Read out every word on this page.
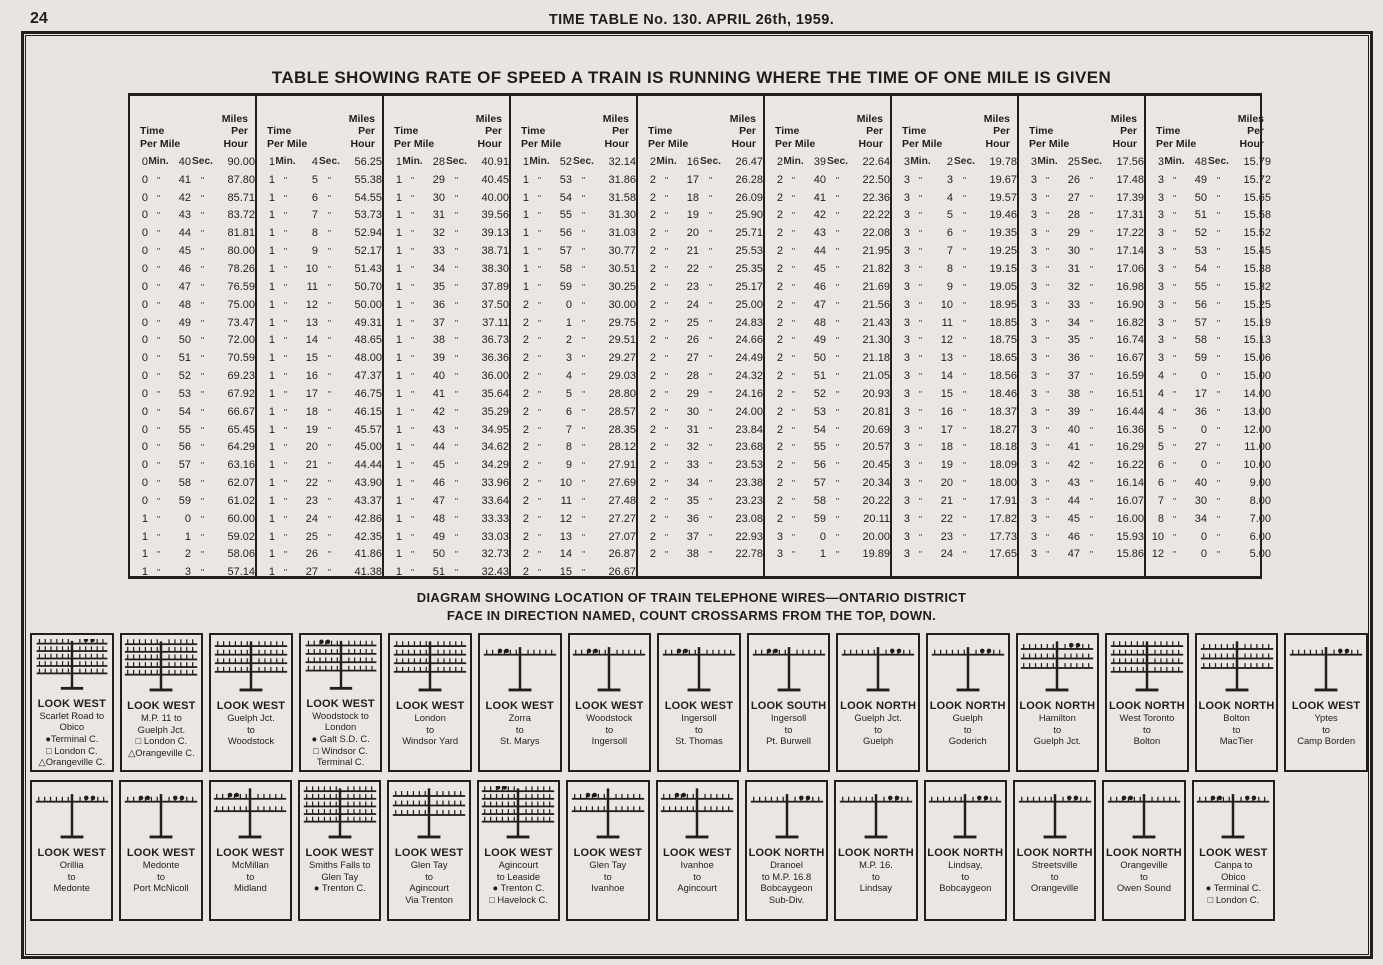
24	TIME TABLE No. 130. APRIL 26th, 1959.
TABLE SHOWING RATE OF SPEED A TRAIN IS RUNNING WHERE THE TIME OF ONE MILE IS GIVEN
Time
Per Mile
Miles
Per
Hour
0 Min. 40 Sec.	90.00
0	"	41	"	87.80
0	"	42	"	85.71
0	"	43	"	83.72
0	"	44	"	81.81
0	"	45	"	80.00
0	"	46	"	78.26
0	"	47	"	76.59
0	"	48	"	75.00
0	"	49	"	73.47
0	"	50	"	72.00
0	"	51	"	70.59
0	"	52	"	69.23
0	"	53	"	67.92
0	"	54	"	66.67
0	"	55	"	65.45
0	"	56	"	64.29
0	"	57	"	63.16
0	"	58	"	62.07
0	"	59	"	61.02
1	"	0	"	60.00
1	"	1	"	59.02
1	"	2	"	58.06
1	"	3	"	57.14
Time
Per Mile
Miles
Per
Hour
1 Min.	4 Sec.	56.25
1	"	5	"	55.38
1	"	6	"	54.55
1	"	7	"	53.73
1	"	8	"	52.94
1	"	9	"	52.17
1	"	10	"	51.43
1	"	11	"	50.70
1	"	12	"	50.00
1	"	13	"	49.31
1	"	14	"	48.65
1	"	15	"	48.00
1	"	16	"	47.37
1	"	17	"	46.75
1	"	18	"	46.15
1	"	19	"	45.57
1	"	20	"	45.00
1	"	21	"	44.44
1	"	22	"	43.90
1	"	23	"	43.37
1	"	24	"	42.86
1	"	25	"	42.35
1	"	26	"	41.86
1	"	27	"	41.38
Time
Per Mile
Miles
Per
Hour
1 Min. 28 Sec.	40.91
1	"	29	"	40.45
1	"	30	"	40.00
1	"	31	"	39.56
1	"	32	"	39.13
1	"	33	"	38.71
1	"	34	"	38.30
1	"	35	"	37.89
1	"	36	"	37.50
1	"	37	"	37.11
1	"	38	"	36.73
1	"	39	"	36.36
1	"	40	"	36.00
1	"	41	"	35.64
1	"	42	"	35.29
1	"	43	"	34.95
1	"	44	"	34.62
1	"	45	"	34.29
1	"	46	"	33.96
1	"	47	"	33.64
1	"	48	"	33.33
1	"	49	"	33.03
1	"	50	"	32.73
1	"	51	"	32.43
Time
Per Mile
Miles
Per
Hour
1 Min. 52 Sec.	32.14
1	"	53	"	31.86
1	"	54	"	31.58
1	"	55	"	31.30
1	"	56	"	31.03
1	"	57	"	30.77
1	"	58	"	30.51
1	"	59	"	30.25
2	"	0	"	30.00
2	"	1	"	29.75
2	"	2	"	29.51
2	"	3	"	29.27
2	"	4	"	29.03
2	"	5	"	28.80
2	"	6	"	28.57
2	"	7	"	28.35
2	"	8	"	28.12
2	"	9	"	27.91
2	"	10	"	27.69
2	"	11	"	27.48
2	"	12	"	27.27
2	"	13	"	27.07
2	"	14	"	26.87
2	"	15	"	26.67
Time
Per Mile
Miles
Per
Hour
2 Min. 16 Sec.	26.47
2	"	17	"	26.28
2	"	18	"	26.09
2	"	19	"	25.90
2	"	20	"	25.71
2	"	21	"	25.53
2	"	22	"	25.35
2	"	23	"	25.17
2	"	24	"	25.00
2	"	25	"	24.83
2	"	26	"	24.66
2	"	27	"	24.49
2	"	28	"	24.32
2	"	29	"	24.16
2	"	30	"	24.00
2	"	31	"	23.84
2	"	32	"	23.68
2	"	33	"	23.53
2	"	34	"	23.38
2	"	35	"	23.23
2	"	36	"	23.08
2	"	37	"	22.93
2	"	38	"	22.78
Time
Per Mile
Miles
Per
Hour
2 Min. 39 Sec.	22.64
2	"	40	"	22.50
2	"	41	"	22.36
2	"	42	"	22.22
2	"	43	"	22.08
2	"	44	"	21.95
2	"	45	"	21.82
2	"	46	"	21.69
2	"	47	"	21.56
2	"	48	"	21.43
2	"	49	"	21.30
2	"	50	"	21.18
2	"	51	"	21.05
2	"	52	"	20.93
2	"	53	"	20.81
2	"	54	"	20.69
2	"	55	"	20.57
2	"	56	"	20.45
2	"	57	"	20.34
2	"	58	"	20.22
2	"	59	"	20.11
3	"	0	"	20.00
3	"	1	"	19.89
Time
Per Mile
Miles
Per
Hour
3 Min.	2 Sec.	19.78
3	"	3	"	19.67
3	"	4	"	19.57
3	"	5	"	19.46
3	"	6	"	19.35
3	"	7	"	19.25
3	"	8	"	19.15
3	"	9	"	19.05
3	"	10	"	18.95
3	"	11	"	18.85
3	"	12	"	18.75
3	"	13	"	18.65
3	"	14	"	18.56
3	"	15	"	18.46
3	"	16	"	18.37
3	"	17	"	18.27
3	"	18	"	18.18
3	"	19	"	18.09
3	"	20	"	18.00
3	"	21	"	17.91
3	"	22	"	17.82
3	"	23	"	17.73
3	"	24	"	17.65
Time
Per Mile
Miles
Per
Hour
3 Min. 25 Sec.	17.56
3	"	26	"	17.48
3	"	27	"	17.39
3	"	28	"	17.31
3	"	29	"	17.22
3	"	30	"	17.14
3	"	31	"	17.06
3	"	32	"	16.98
3	"	33	"	16.90
3	"	34	"	16.82
3	"	35	"	16.74
3	"	36	"	16.67
3	"	37	"	16.59
3	"	38	"	16.51
3	"	39	"	16.44
3	"	40	"	16.36
3	"	41	"	16.29
3	"	42	"	16.22
3	"	43	"	16.14
3	"	44	"	16.07
3	"	45	"	16.00
3	"	46	"	15.93
3	"	47	"	15.86
Time
Per Mile
Miles
Per
Hour
3 Min. 48 Sec.	15.79
3	"	49	"	15.72
3	"	50	"	15.65
3	"	51	"	15.58
3	"	52	"	15.52
3	"	53	"	15.45
3	"	54	"	15.38
3	"	55	"	15.32
3	"	56	"	15.25
3	"	57	"	15.19
3	"	58	"	15.13
3	"	59	"	15.06
4	"	0	"	15.00
4	"	17	"	14.00
4	"	36	"	13.00
5	"	0	"	12.00
5	"	27	"	11.00
6	"	0	"	10.00
6	"	40	"	9.00
7	"	30	"	8.00
8	"	34	"	7.00
10	"	0	"	6.00
12	"	0	"	5.00
DIAGRAM SHOWING LOCATION OF TRAIN TELEPHONE WIRES—ONTARIO DISTRICT
FACE IN DIRECTION NAMED, COUNT CROSSARMS FROM THE TOP, DOWN.
LOOK WEST
Scarlet Road to
Obico
●Terminal C.
□ London C.
△Orangeville C.
LOOK WEST
M.P. 11 to
Guelph Jct.
□ London C.
△Orangeville C.
LOOK WEST
Guelph Jct.
to
Woodstock
LOOK WEST
Woodstock to
London
● Galt S.D. C.
□ Windsor C.
Terminal C.
LOOK WEST
London
to
Windsor Yard
LOOK WEST
Zorra
to
St. Marys
LOOK WEST
Woodstock
to
Ingersoll
LOOK WEST
Ingersoll
to
St. Thomas
LOOK SOUTH
Ingersoll
to
Pt. Burwell
LOOK NORTH
Guelph Jct.
to
Guelph
LOOK NORTH
Guelph
to
Goderich
LOOK NORTH
Hamilton
to
Guelph Jct.
LOOK NORTH
West Toronto
to
Bolton
LOOK NORTH
Bolton
to
MacTier
LOOK WEST
Yptes
to
Camp Borden
LOOK WEST
Orillia
to
Medonte
LOOK WEST
Medonte
to
Port McNicoll
LOOK WEST
McMillan
to
Midland
LOOK WEST
Smiths Falls to
Glen Tay
● Trenton C.
LOOK WEST
Glen Tay
to
Agincourt
Via Trenton
LOOK WEST
Agincourt
to Leaside
● Trenton C.
□ Havelock C.
LOOK WEST
Glen Tay
to
Ivanhoe
LOOK WEST
Ivanhoe
to
Agincourt
LOOK NORTH
Dranoel
to M.P. 16.8
Bobcaygeon
Sub-Div.
LOOK NORTH
M.P. 16.
to
Lindsay
LOOK NORTH
Lindsay,
to
Bobcaygeon
LOOK NORTH
Streetsville
to
Orangeville
LOOK NORTH
Orangeville
to
Owen Sound
LOOK WEST
Canpa to
Obico
● Terminal C.
□ London C.
